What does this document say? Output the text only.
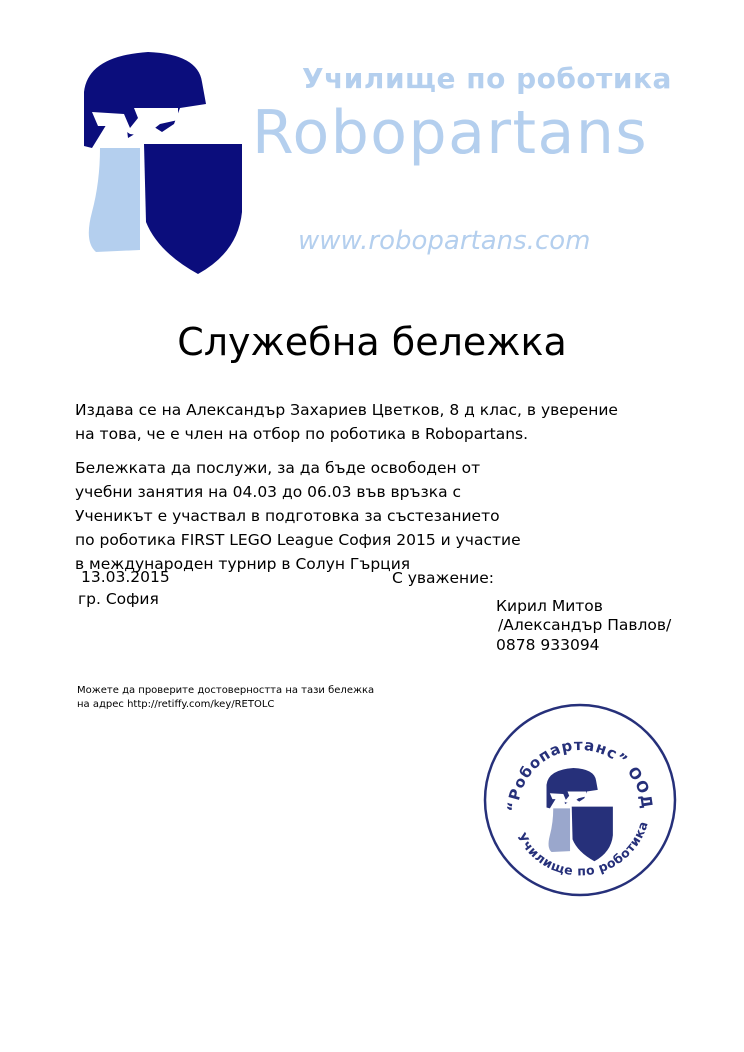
Училище по роботика
Robopartans
www.robopartans.com
Служебна бележка
Издава се на Александър Захариев Цветков, 8 д клас, в уверение
на това, че е член на отбор по роботика в Robopartans.
Бележката да послужи, за да бъде освободен от
учебни занятия на 04.03 до 06.03 във връзка с
Ученикът е участвал в подготовка за състезанието
по роботика FIRST LEGO League София 2015 и участие
в международен турнир в Солун Гърция
13.03.2015
гр. София
С уважение:
Кирил Митов
/Александър Павлов/
0878 933094
Можете да проверите достоверността на тази бележка
на адрес http://retiffy.com/key/RETOLC
“Робопартанс” ООД
Училище по роботика
